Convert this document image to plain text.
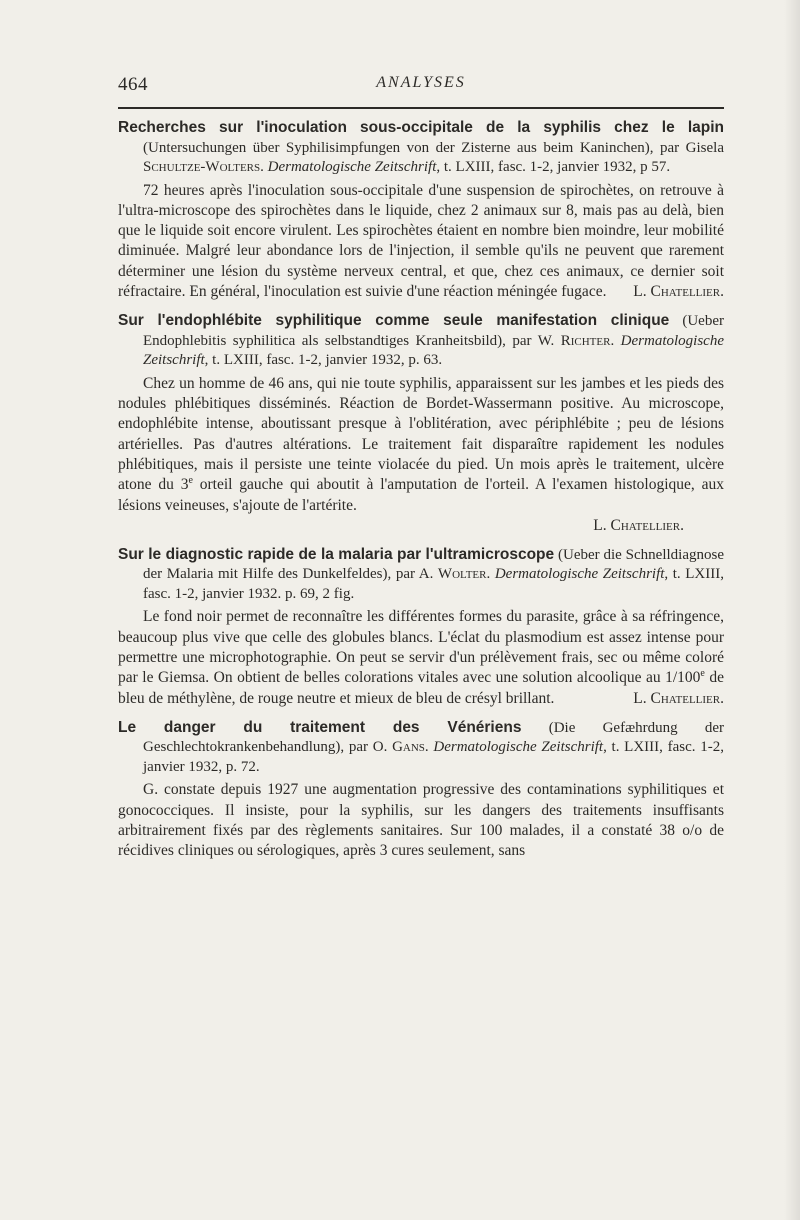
464	ANALYSES

Recherches sur l'inoculation sous-occipitale de la syphilis chez le lapin (Untersuchungen über Syphilisimpfungen von der Zisterne aus beim Kaninchen), par Gisela Schultze-Wolters. Dermatologische Zeitschrift, t. LXIII, fasc. 1-2, janvier 1932, p 57.

72 heures après l'inoculation sous-occipitale d'une suspension de spirochètes, on retrouve à l'ultra-microscope des spirochètes dans le liquide, chez 2 animaux sur 8, mais pas au delà, bien que le liquide soit encore virulent. Les spirochètes étaient en nombre bien moindre, leur mobilité diminuée. Malgré leur abondance lors de l'injection, il semble qu'ils ne peuvent que rarement déterminer une lésion du système nerveux central, et que, chez ces animaux, ce dernier soit réfractaire. En général, l'inoculation est suivie d'une réaction méningée fugace.	L. Chatellier.

Sur l'endophlébite syphilitique comme seule manifestation clinique (Ueber Endophlebitis syphilitica als selbstandtiges Kranheitsbild), par W. Richter. Dermatologische Zeitschrift, t. LXIII, fasc. 1-2, janvier 1932, p. 63.

Chez un homme de 46 ans, qui nie toute syphilis, apparaissent sur les jambes et les pieds des nodules phlébitiques disséminés. Réaction de Bordet-Wassermann positive. Au microscope, endophlébite intense, aboutissant presque à l'oblitération, avec périphlébite ; peu de lésions artérielles. Pas d'autres altérations. Le traitement fait disparaître rapidement les nodules phlébitiques, mais il persiste une teinte violacée du pied. Un mois après le traitement, ulcère atone du 3e orteil gauche qui aboutit à l'amputation de l'orteil. A l'examen histologique, aux lésions veineuses, s'ajoute de l'artérite.

L. Chatellier.

Sur le diagnostic rapide de la malaria par l'ultramicroscope (Ueber die Schnelldiagnose der Malaria mit Hilfe des Dunkelfeldes), par A. Wolter. Dermatologische Zeitschrift, t. LXIII, fasc. 1-2, janvier 1932. p. 69, 2 fig.

Le fond noir permet de reconnaître les différentes formes du parasite, grâce à sa réfringence, beaucoup plus vive que celle des globules blancs. L'éclat du plasmodium est assez intense pour permettre une microphotographie. On peut se servir d'un prélèvement frais, sec ou même coloré par le Giemsa. On obtient de belles colorations vitales avec une solution alcoolique au 1/100e de bleu de méthylène, de rouge neutre et mieux de bleu de crésyl brillant.	L. Chatellier.

Le danger du traitement des Vénériens (Die Gefæhrdung der Geschlechtokrankenbehandlung), par O. Gans. Dermatologische Zeitschrift, t. LXIII, fasc. 1-2, janvier 1932, p. 72.

G. constate depuis 1927 une augmentation progressive des contaminations syphilitiques et gonococciques. Il insiste, pour la syphilis, sur les dangers des traitements insuffisants arbitrairement fixés par des règlements sanitaires. Sur 100 malades, il a constaté 38 o/o de récidives cliniques ou sérologiques, après 3 cures seulement, sans
